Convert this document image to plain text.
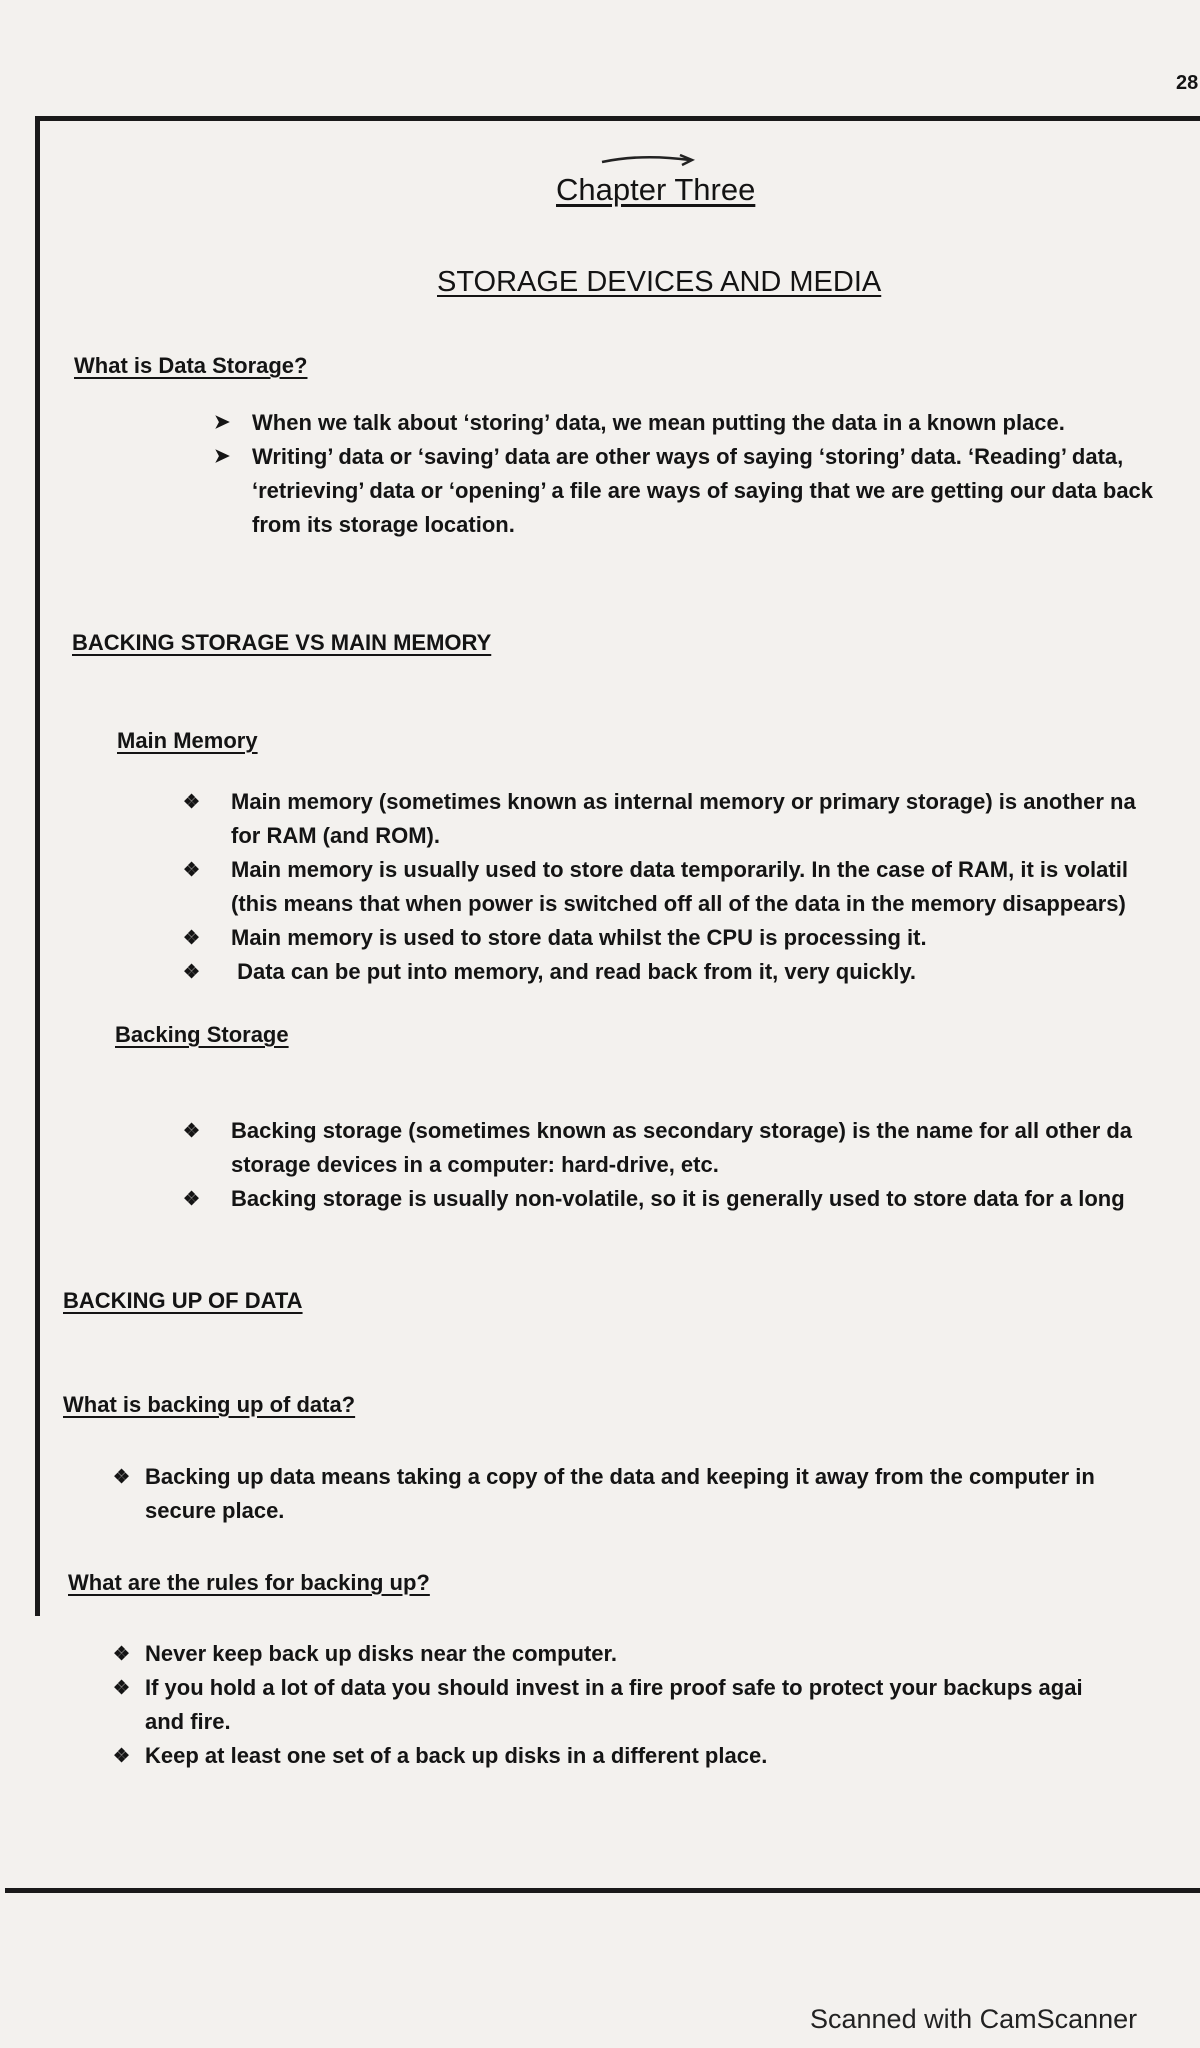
28
Chapter Three
STORAGE DEVICES AND MEDIA
What is Data Storage?
➤ When we talk about ‘storing’ data, we mean putting the data in a known place.
➤ Writing’ data or ‘saving’ data are other ways of saying ‘storing’ data. ‘Reading’ data,
‘retrieving’ data or ‘opening’ a file are ways of saying that we are getting our data back
from its storage location.
BACKING STORAGE VS MAIN MEMORY
Main Memory
❖ Main memory (sometimes known as internal memory or primary storage) is another na
for RAM (and ROM).
❖ Main memory is usually used to store data temporarily. In the case of RAM, it is volatil
(this means that when power is switched off all of the data in the memory disappears)
❖ Main memory is used to store data whilst the CPU is processing it.
❖ Data can be put into memory, and read back from it, very quickly.
Backing Storage
❖ Backing storage (sometimes known as secondary storage) is the name for all other da
storage devices in a computer: hard-drive, etc.
❖ Backing storage is usually non-volatile, so it is generally used to store data for a long
BACKING UP OF DATA
What is backing up of data?
❖ Backing up data means taking a copy of the data and keeping it away from the computer in
secure place.
What are the rules for backing up?
❖ Never keep back up disks near the computer.
❖ If you hold a lot of data you should invest in a fire proof safe to protect your backups agai
and fire.
❖ Keep at least one set of a back up disks in a different place.
Scanned with CamScanner
